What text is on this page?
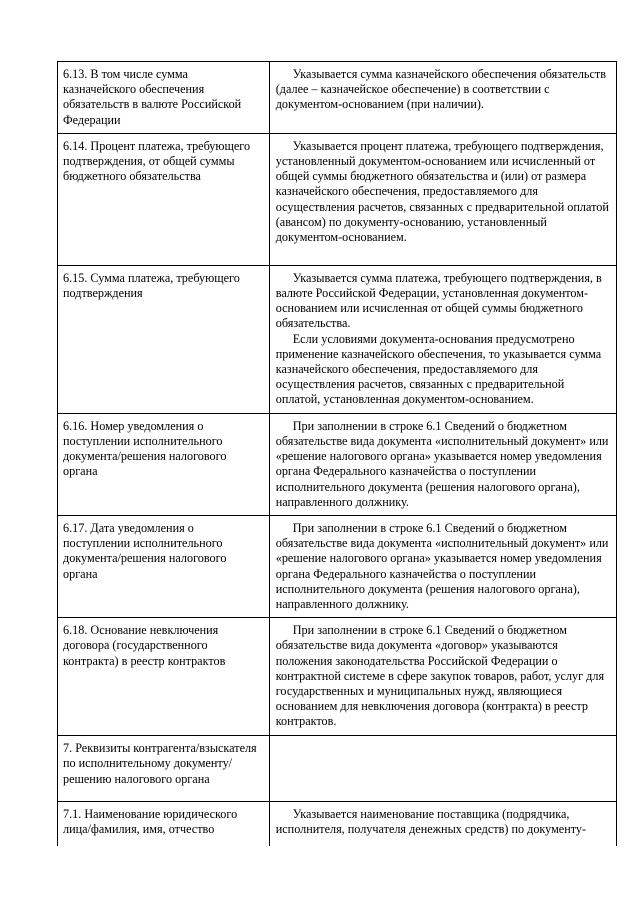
6.13. В том числе сумма казначейского обеспечения обязательств в валюте Российской Федерации	Указывается сумма казначейского обеспечения обязательств (далее – казначейское обеспечение) в соответствии с документом-основанием (при наличии).

6.14. Процент платежа, требующего подтверждения, от общей суммы бюджетного обязательства	Указывается процент платежа, требующего подтверждения, установленный документом-основанием или исчисленный от общей суммы бюджетного обязательства и (или) от размера казначейского обеспечения, предоставляемого для осуществления расчетов, связанных с предварительной оплатой (авансом) по документу-основанию, установленный документом-основанием.

6.15. Сумма платежа, требующего подтверждения	Указывается сумма платежа, требующего подтверждения, в валюте Российской Федерации, установленная документом-основанием или исчисленная от общей суммы бюджетного обязательства.

Если условиями документа-основания предусмотрено применение казначейского обеспечения, то указывается сумма казначейского обеспечения, предоставляемого для осуществления расчетов, связанных с предварительной оплатой, установленная документом-основанием.

6.16. Номер уведомления о поступлении исполнительного документа/решения налогового органа	При заполнении в строке 6.1 Сведений о бюджетном обязательстве вида документа «исполнительный документ» или «решение налогового органа» указывается номер уведомления органа Федерального казначейства о поступлении исполнительного документа (решения налогового органа), направленного должнику.

6.17. Дата уведомления о поступлении исполнительного документа/решения налогового органа	При заполнении в строке 6.1 Сведений о бюджетном обязательстве вида документа «исполнительный документ» или «решение налогового органа» указывается номер уведомления органа Федерального казначейства о поступлении исполнительного документа (решения налогового органа), направленного должнику.

6.18. Основание невключения договора (государственного контракта) в реестр контрактов	При заполнении в строке 6.1 Сведений о бюджетном обязательстве вида документа «договор» указываются положения законодательства Российской Федерации о контрактной системе в сфере закупок товаров, работ, услуг для государственных и муниципальных нужд, являющиеся основанием для невключения договора (контракта) в реестр контрактов.

7. Реквизиты контрагента/взыскателя по исполнительному документу/решению налогового органа	

7.1. Наименование юридического лица/фамилия, имя, отчество	Указывается наименование поставщика (подрядчика, исполнителя, получателя денежных средств) по документу-
